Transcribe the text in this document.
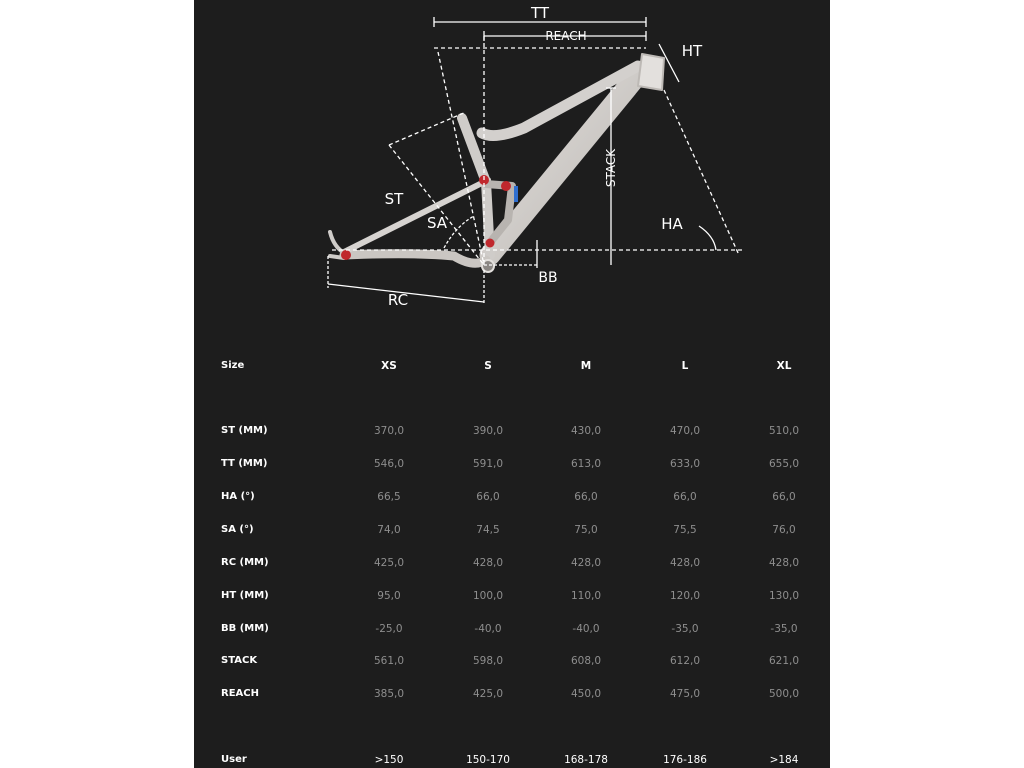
TT
REACH
HT
STACK
ST
SA	HA
BB
RC
Size	XS	S	M	L	XL
ST (MM)	370,0	390,0	430,0	470,0	510,0
TT (MM)	546,0	591,0	613,0	633,0	655,0
HA (°)	66,5	66,0	66,0	66,0	66,0
SA (°)	74,0	74,5	75,0	75,5	76,0
RC (MM)	425,0	428,0	428,0	428,0	428,0
HT (MM)	95,0	100,0	110,0	120,0	130,0
BB (MM)	-25,0	-40,0	-40,0	-35,0	-35,0
STACK	561,0	598,0	608,0	612,0	621,0
REACH	385,0	425,0	450,0	475,0	500,0
User	>150	150-170	168-178	176-186	>184
